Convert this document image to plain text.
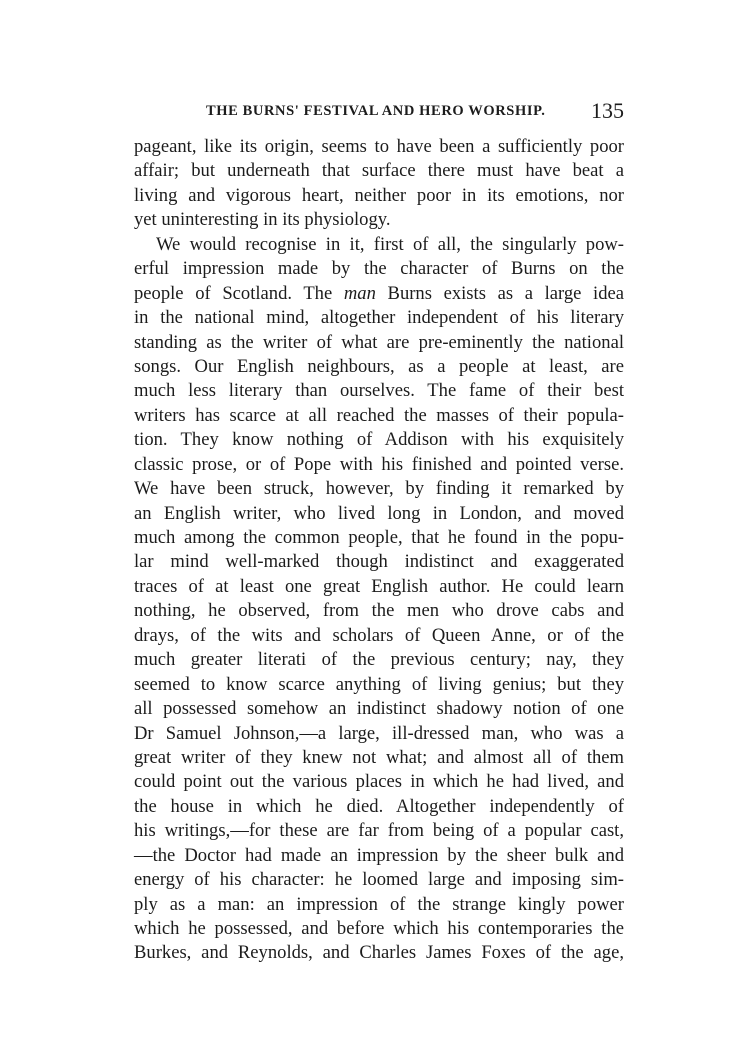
THE BURNS' FESTIVAL AND HERO WORSHIP. 135
pageant, like its origin, seems to have been a sufficiently poor
affair; but underneath that surface there must have beat a
living and vigorous heart, neither poor in its emotions, nor
yet uninteresting in its physiology.
We would recognise in it, first of all, the singularly pow-
erful impression made by the character of Burns on the
people of Scotland. The man Burns exists as a large idea
in the national mind, altogether independent of his literary
standing as the writer of what are pre-eminently the national
songs. Our English neighbours, as a people at least, are
much less literary than ourselves. The fame of their best
writers has scarce at all reached the masses of their popula-
tion. They know nothing of Addison with his exquisitely
classic prose, or of Pope with his finished and pointed verse.
We have been struck, however, by finding it remarked by
an English writer, who lived long in London, and moved
much among the common people, that he found in the popu-
lar mind well-marked though indistinct and exaggerated
traces of at least one great English author. He could learn
nothing, he observed, from the men who drove cabs and
drays, of the wits and scholars of Queen Anne, or of the
much greater literati of the previous century; nay, they
seemed to know scarce anything of living genius; but they
all possessed somehow an indistinct shadowy notion of one
Dr Samuel Johnson,—a large, ill-dressed man, who was a
great writer of they knew not what; and almost all of them
could point out the various places in which he had lived, and
the house in which he died. Altogether independently of
his writings,—for these are far from being of a popular cast,
—the Doctor had made an impression by the sheer bulk and
energy of his character: he loomed large and imposing sim-
ply as a man: an impression of the strange kingly power
which he possessed, and before which his contemporaries the
Burkes, and Reynolds, and Charles James Foxes of the age,
